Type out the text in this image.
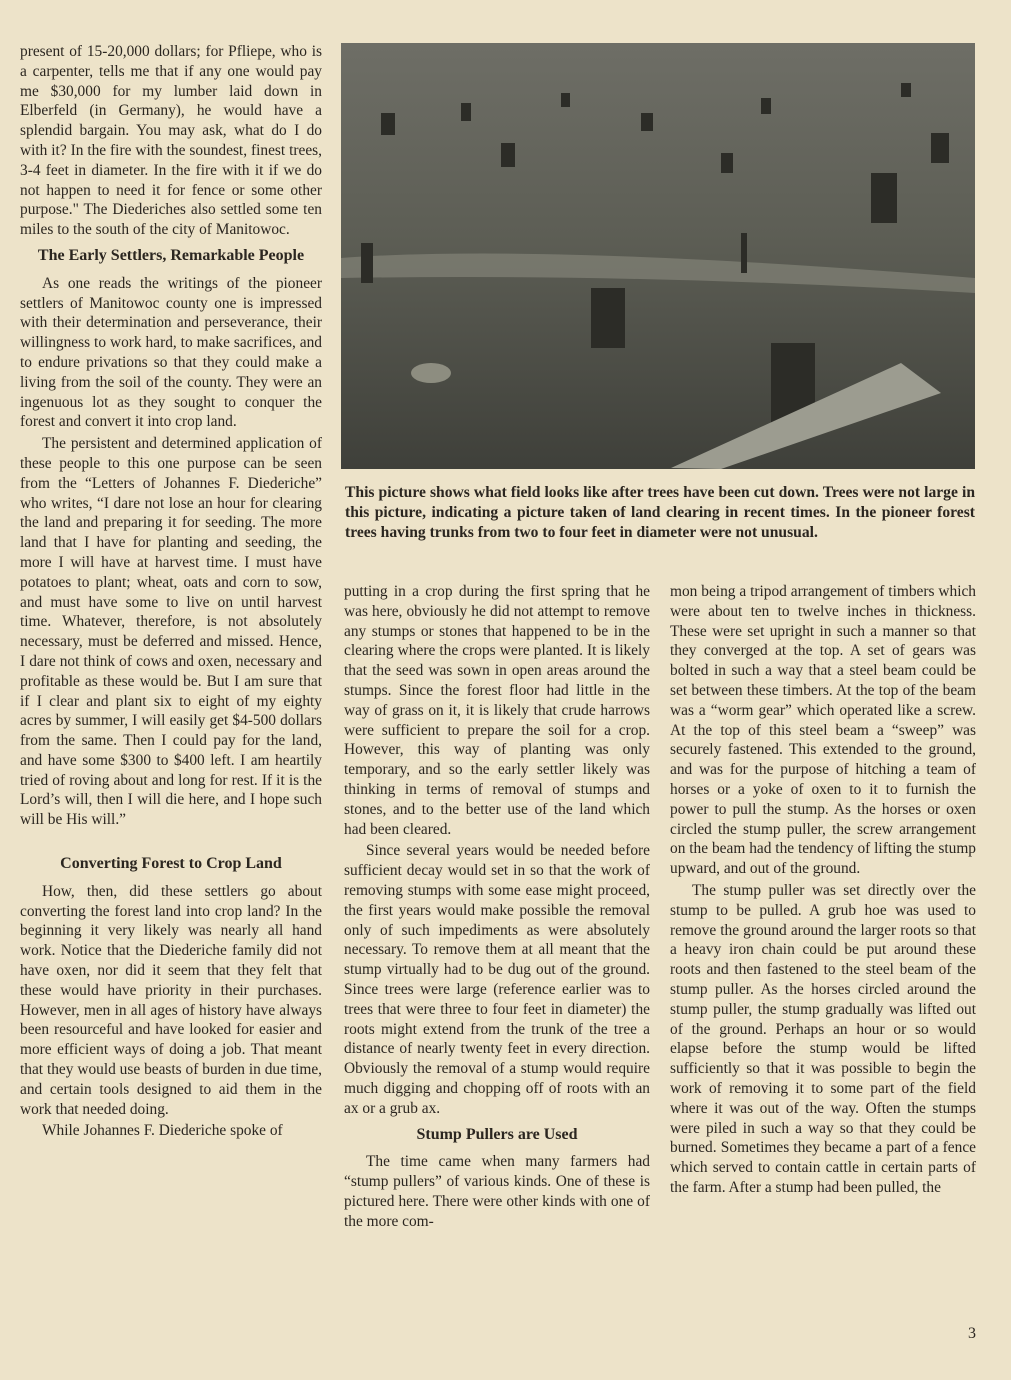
present of 15-20,000 dollars; for Pfliepe, who is a carpenter, tells me that if any one would pay me $30,000 for my lumber laid down in Elberfeld (in Germany), he would have a splendid bargain. You may ask, what do I do with it? In the fire with the soundest, finest trees, 3-4 feet in diameter. In the fire with it if we do not happen to need it for fence or some other purpose." The Diederiches also settled some ten miles to the south of the city of Manitowoc.

The Early Settlers, Remarkable People

As one reads the writings of the pioneer settlers of Manitowoc county one is impressed with their determination and perseverance, their willingness to work hard, to make sacrifices, and to endure privations so that they could make a living from the soil of the county. They were an ingenuous lot as they sought to conquer the forest and convert it into crop land.

The persistent and determined application of these people to this one purpose can be seen from the “Letters of Johannes F. Diederiche” who writes, “I dare not lose an hour for clearing the land and preparing it for seeding. The more land that I have for planting and seeding, the more I will have at harvest time. I must have potatoes to plant; wheat, oats and corn to sow, and must have some to live on until harvest time. Whatever, therefore, is not absolutely necessary, must be deferred and missed. Hence, I dare not think of cows and oxen, necessary and profitable as these would be. But I am sure that if I clear and plant six to eight of my eighty acres by summer, I will easily get $4-500 dollars from the same. Then I could pay for the land, and have some $300 to $400 left. I am heartily tried of roving about and long for rest. If it is the Lord’s will, then I will die here, and I hope such will be His will.”

Converting Forest to Crop Land

How, then, did these settlers go about converting the forest land into crop land? In the beginning it very likely was nearly all hand work. Notice that the Diederiche family did not have oxen, nor did it seem that they felt that these would have priority in their purchases. However, men in all ages of history have always been resourceful and have looked for easier and more efficient ways of doing a job. That meant that they would use beasts of burden in due time, and certain tools designed to aid them in the work that needed doing.

While Johannes F. Diederiche spoke of

This picture shows what field looks like after trees have been cut down. Trees were not large in this picture, indicating a picture taken of land clearing in recent times. In the pioneer forest trees having trunks from two to four feet in diameter were not unusual.

putting in a crop during the first spring that he was here, obviously he did not attempt to remove any stumps or stones that happened to be in the clearing where the crops were planted. It is likely that the seed was sown in open areas around the stumps. Since the forest floor had little in the way of grass on it, it is likely that crude harrows were sufficient to prepare the soil for a crop. However, this way of planting was only temporary, and so the early settler likely was thinking in terms of removal of stumps and stones, and to the better use of the land which had been cleared.

Since several years would be needed before sufficient decay would set in so that the work of removing stumps with some ease might proceed, the first years would make possible the removal only of such impediments as were absolutely necessary. To remove them at all meant that the stump virtually had to be dug out of the ground. Since trees were large (reference earlier was to trees that were three to four feet in diameter) the roots might extend from the trunk of the tree a distance of nearly twenty feet in every direction. Obviously the removal of a stump would require much digging and chopping off of roots with an ax or a grub ax.

Stump Pullers are Used

The time came when many farmers had “stump pullers” of various kinds. One of these is pictured here. There were other kinds with one of the more com-

mon being a tripod arrangement of timbers which were about ten to twelve inches in thickness. These were set upright in such a manner so that they converged at the top. A set of gears was bolted in such a way that a steel beam could be set between these timbers. At the top of the beam was a “worm gear” which operated like a screw. At the top of this steel beam a “sweep” was securely fastened. This extended to the ground, and was for the purpose of hitching a team of horses or a yoke of oxen to it to furnish the power to pull the stump. As the horses or oxen circled the stump puller, the screw arrangement on the beam had the tendency of lifting the stump upward, and out of the ground.

The stump puller was set directly over the stump to be pulled. A grub hoe was used to remove the ground around the larger roots so that a heavy iron chain could be put around these roots and then fastened to the steel beam of the stump puller. As the horses circled around the stump puller, the stump gradually was lifted out of the ground. Perhaps an hour or so would elapse before the stump would be lifted sufficiently so that it was possible to begin the work of removing it to some part of the field where it was out of the way. Often the stumps were piled in such a way so that they could be burned. Sometimes they became a part of a fence which served to contain cattle in certain parts of the farm. After a stump had been pulled, the

3
